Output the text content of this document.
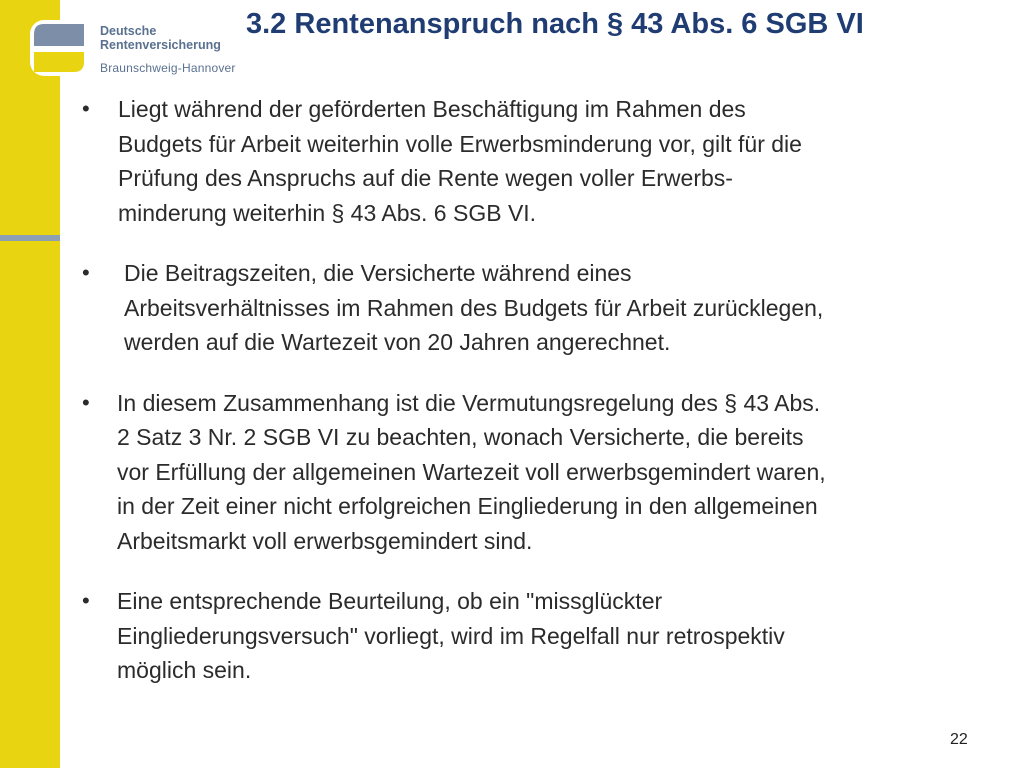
Deutsche
Rentenversicherung
Braunschweig-Hannover
3.2 Rentenanspruch nach § 43 Abs. 6 SGB VI
• Liegt während der geförderten Beschäftigung im Rahmen des
Budgets für Arbeit weiterhin volle Erwerbsminderung vor, gilt für die
Prüfung des Anspruchs auf die Rente wegen voller Erwerbs-
minderung weiterhin § 43 Abs. 6 SGB VI.
• Die Beitragszeiten, die Versicherte während eines
Arbeitsverhältnisses im Rahmen des Budgets für Arbeit zurücklegen,
werden auf die Wartezeit von 20 Jahren angerechnet.
• In diesem Zusammenhang ist die Vermutungsregelung des § 43 Abs.
2 Satz 3 Nr. 2 SGB VI zu beachten, wonach Versicherte, die bereits
vor Erfüllung der allgemeinen Wartezeit voll erwerbsgemindert waren,
in der Zeit einer nicht erfolgreichen Eingliederung in den allgemeinen
Arbeitsmarkt voll erwerbsgemindert sind.
• Eine entsprechende Beurteilung, ob ein "missglückter
Eingliederungsversuch" vorliegt, wird im Regelfall nur retrospektiv
möglich sein.
22
